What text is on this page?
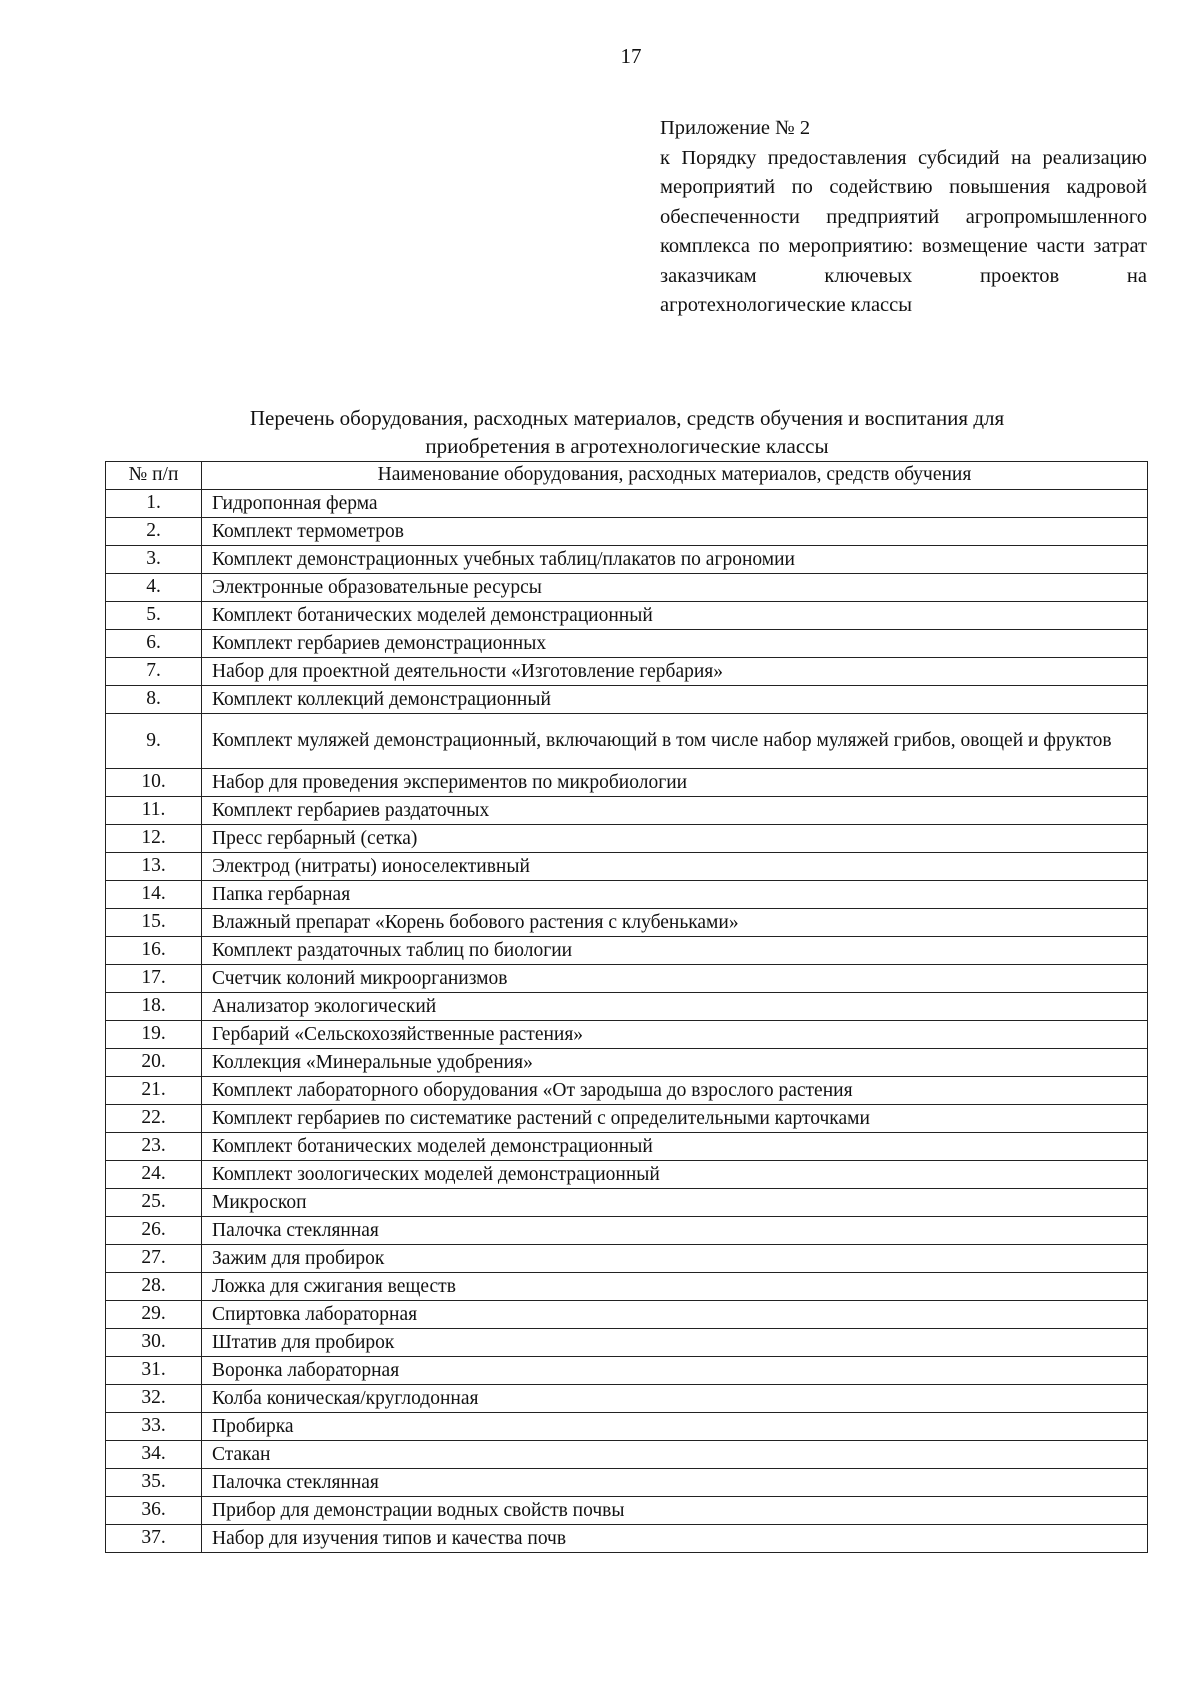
17
Приложение № 2
к Порядку предоставления субсидий на реализацию мероприятий по содействию повышения кадровой обеспеченности предприятий агропромышленного комплекса по мероприятию: возмещение части затрат заказчикам ключевых проектов на агротехнологические классы
Перечень оборудования, расходных материалов, средств обучения и воспитания для
приобретения в агротехнологические классы
№ п/п	Наименование оборудования, расходных материалов, средств обучения
1.	Гидропонная ферма
2.	Комплект термометров
3.	Комплект демонстрационных учебных таблиц/плакатов по агрономии
4.	Электронные образовательные ресурсы
5.	Комплект ботанических моделей демонстрационный
6.	Комплект гербариев демонстрационных
7.	Набор для проектной деятельности «Изготовление гербария»
8.	Комплект коллекций демонстрационный
9.	Комплект муляжей демонстрационный, включающий в том числе набор муляжей грибов, овощей и фруктов
10.	Набор для проведения экспериментов по микробиологии
11.	Комплект гербариев раздаточных
12.	Пресс гербарный (сетка)
13.	Электрод (нитраты) ионоселективный
14.	Папка гербарная
15.	Влажный препарат «Корень бобового растения с клубеньками»
16.	Комплект раздаточных таблиц по биологии
17.	Счетчик колоний микроорганизмов
18.	Анализатор экологический
19.	Гербарий «Сельскохозяйственные растения»
20.	Коллекция «Минеральные удобрения»
21.	Комплект лабораторного оборудования «От зародыша до взрослого растения
22.	Комплект гербариев по систематике растений с определительными карточками
23.	Комплект ботанических моделей демонстрационный
24.	Комплект зоологических моделей демонстрационный
25.	Микроскоп
26.	Палочка стеклянная
27.	Зажим для пробирок
28.	Ложка для сжигания веществ
29.	Спиртовка лабораторная
30.	Штатив для пробирок
31.	Воронка лабораторная
32.	Колба коническая/круглодонная
33.	Пробирка
34.	Стакан
35.	Палочка стеклянная
36.	Прибор для демонстрации водных свойств почвы
37.	Набор для изучения типов и качества почв
